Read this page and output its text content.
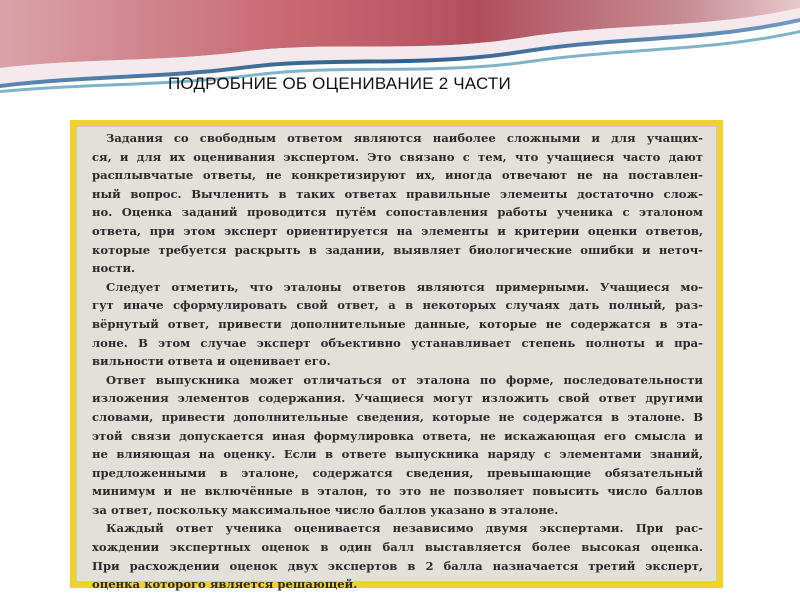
ПОДРОБНИЕ ОБ ОЦЕНИВАНИЕ 2 ЧАСТИ
Задания со свободным ответом являются наиболее сложными и для учащих-
ся, и для их оценивания экспертом. Это связано с тем, что учащиеся часто дают
расплывчатые ответы, не конкретизируют их, иногда отвечают не на поставлен-
ный вопрос. Вычленить в таких ответах правильные элементы достаточно слож-
но. Оценка заданий проводится путём сопоставления работы ученика с эталоном
ответа, при этом эксперт ориентируется на элементы и критерии оценки ответов,
которые требуется раскрыть в задании, выявляет биологические ошибки и неточ-
ности.
Следует отметить, что эталоны ответов являются примерными. Учащиеся мо-
гут иначе сформулировать свой ответ, а в некоторых случаях дать полный, раз-
вёрнутый ответ, привести дополнительные данные, которые не содержатся в эта-
лоне. В этом случае эксперт объективно устанавливает степень полноты и пра-
вильности ответа и оценивает его.
Ответ выпускника может отличаться от эталона по форме, последовательности
изложения элементов содержания. Учащиеся могут изложить свой ответ другими
словами, привести дополнительные сведения, которые не содержатся в эталоне. В
этой связи допускается иная формулировка ответа, не искажающая его смысла и
не влияющая на оценку. Если в ответе выпускника наряду с элементами знаний,
предложенными в эталоне, содержатся сведения, превышающие обязательный
минимум и не включённые в эталон, то это не позволяет повысить число баллов
за ответ, поскольку максимальное число баллов указано в эталоне.
Каждый ответ ученика оценивается независимо двумя экспертами. При рас-
хождении экспертных оценок в один балл выставляется более высокая оценка.
При расхождении оценок двух экспертов в 2 балла назначается третий эксперт,
оценка которого является решающей.
